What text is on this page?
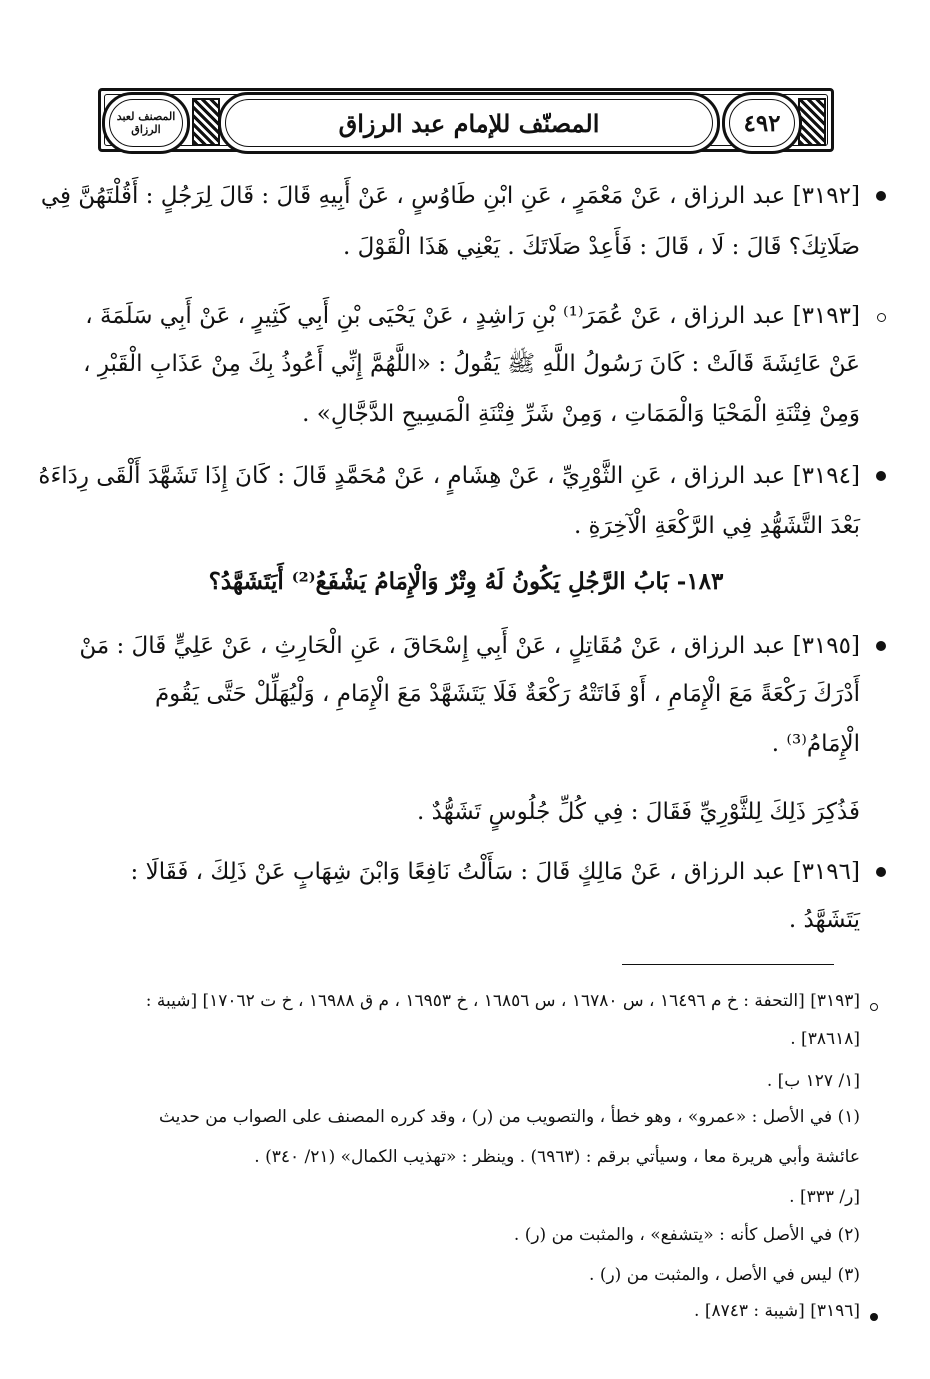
المصنف لعبد الرزاق	المصنّف للإمام عبد الرزاق	٤٩٢
[٣١٩٢] عبد الرزاق ، عَنْ مَعْمَرٍ ، عَنِ ابْنِ طَاوُسٍ ، عَنْ أَبِيهِ قَالَ : قَالَ لِرَجُلٍ : أَقُلْتَهُنَّ فِي
صَلَاتِكَ؟ قَالَ : لَا ، قَالَ : فَأَعِدْ صَلَاتَكَ . يَعْنِي هَذَا الْقَوْلَ .
[٣١٩٣] عبد الرزاق ، عَنْ عُمَرَ⁽¹⁾ بْنِ رَاشِدٍ ، عَنْ يَحْيَى بْنِ أَبِي كَثِيرٍ ، عَنْ أَبِي سَلَمَةَ ،
عَنْ عَائِشَةَ قَالَتْ : كَانَ رَسُولُ اللَّهِ ﷺ يَقُولُ : «اللَّهُمَّ إِنِّي أَعُوذُ بِكَ مِنْ عَذَابِ الْقَبْرِ ،
وَمِنْ فِتْنَةِ الْمَحْيَا وَالْمَمَاتِ ، وَمِنْ شَرِّ فِتْنَةِ الْمَسِيحِ الدَّجَّالِ» .
[٣١٩٤] عبد الرزاق ، عَنِ الثَّوْرِيِّ ، عَنْ هِشَامٍ ، عَنْ مُحَمَّدٍ قَالَ : كَانَ إِذَا تَشَهَّدَ أَلْقَى رِدَاءَهُ
بَعْدَ التَّشَهُّدِ فِي الرَّكْعَةِ الْآخِرَةِ .
١٨٣- بَابُ الرَّجُلِ يَكُونُ لَهُ وِتْرٌ وَالْإِمَامُ يَشْفَعُ⁽²⁾ أَيَتَشَهَّدُ؟
[٣١٩٥] عبد الرزاق ، عَنْ مُقَاتِلٍ ، عَنْ أَبِي إِسْحَاقَ ، عَنِ الْحَارِثِ ، عَنْ عَلِيٍّ قَالَ : مَنْ
أَدْرَكَ رَكْعَةً مَعَ الْإِمَامِ ، أَوْ فَاتَتْهُ رَكْعَةٌ فَلَا يَتَشَهَّدْ مَعَ الْإِمَامِ ، وَلْيُهَلِّلْ حَتَّى يَقُومَ
الْإِمَامُ⁽³⁾ .
فَذُكِرَ ذَلِكَ لِلثَّوْرِيِّ فَقَالَ : فِي كُلِّ جُلُوسٍ تَشَهُّدٌ .
[٣١٩٦] عبد الرزاق ، عَنْ مَالِكٍ قَالَ : سَأَلْتُ نَافِعًا وَابْنَ شِهَابٍ عَنْ ذَلِكَ ، فَقَالَا :
يَتَشَهَّدُ .
[٣١٩٣] [التحفة : خ م ١٦٤٩٦ ، س ١٦٧٨٠ ، س ١٦٨٥٦ ، خ ١٦٩٥٣ ، م ق ١٦٩٨٨ ، خ ت ١٧٠٦٢] [شيبة :
[٣٨٦١٨] .
[١/ ١٢٧ ب] .
(١) في الأصل : «عمرو» ، وهو خطأ ، والتصويب من (ر) ، وقد كرره المصنف على الصواب من حديث
عائشة وأبي هريرة معا ، وسيأتي برقم : (٦٩٦٣) . وينظر : «تهذيب الكمال» (٢١/ ٣٤٠) .
[ر/ ٣٣٣] .
(٢) في الأصل كأنه : «يتشفع» ، والمثبت من (ر) .
(٣) ليس في الأصل ، والمثبت من (ر) .
[٣١٩٦] [شيبة : ٨٧٤٣] .
